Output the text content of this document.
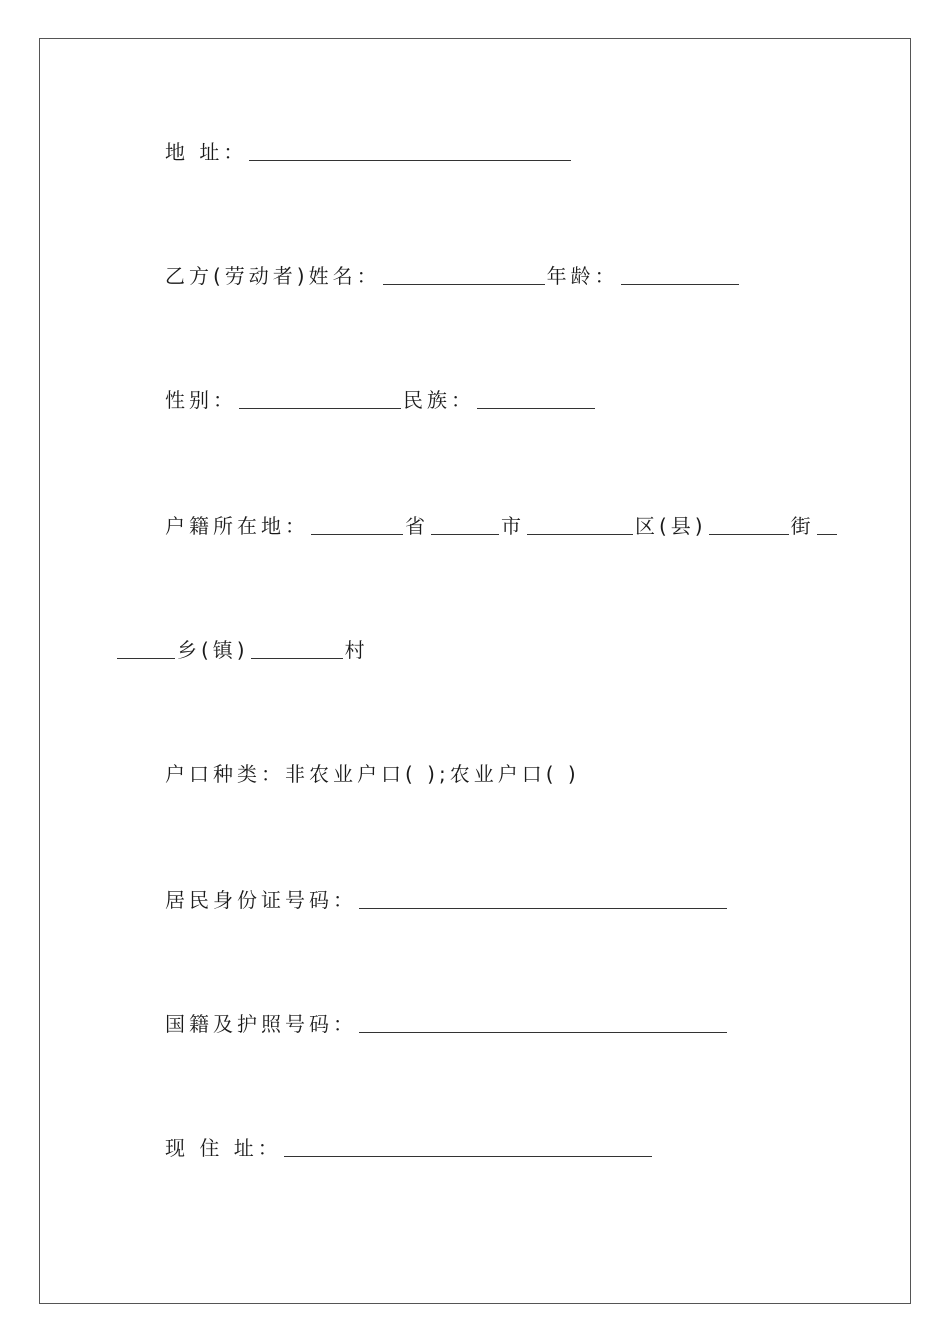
地 址：
乙方(劳动者)姓名：	年龄：
性别：	民族：
户籍所在地：	省	市	区(县)	街
乡(镇)	村
户口种类：非农业户口( );农业户口( )
居民身份证号码：
国籍及护照号码：
现 住 址：
